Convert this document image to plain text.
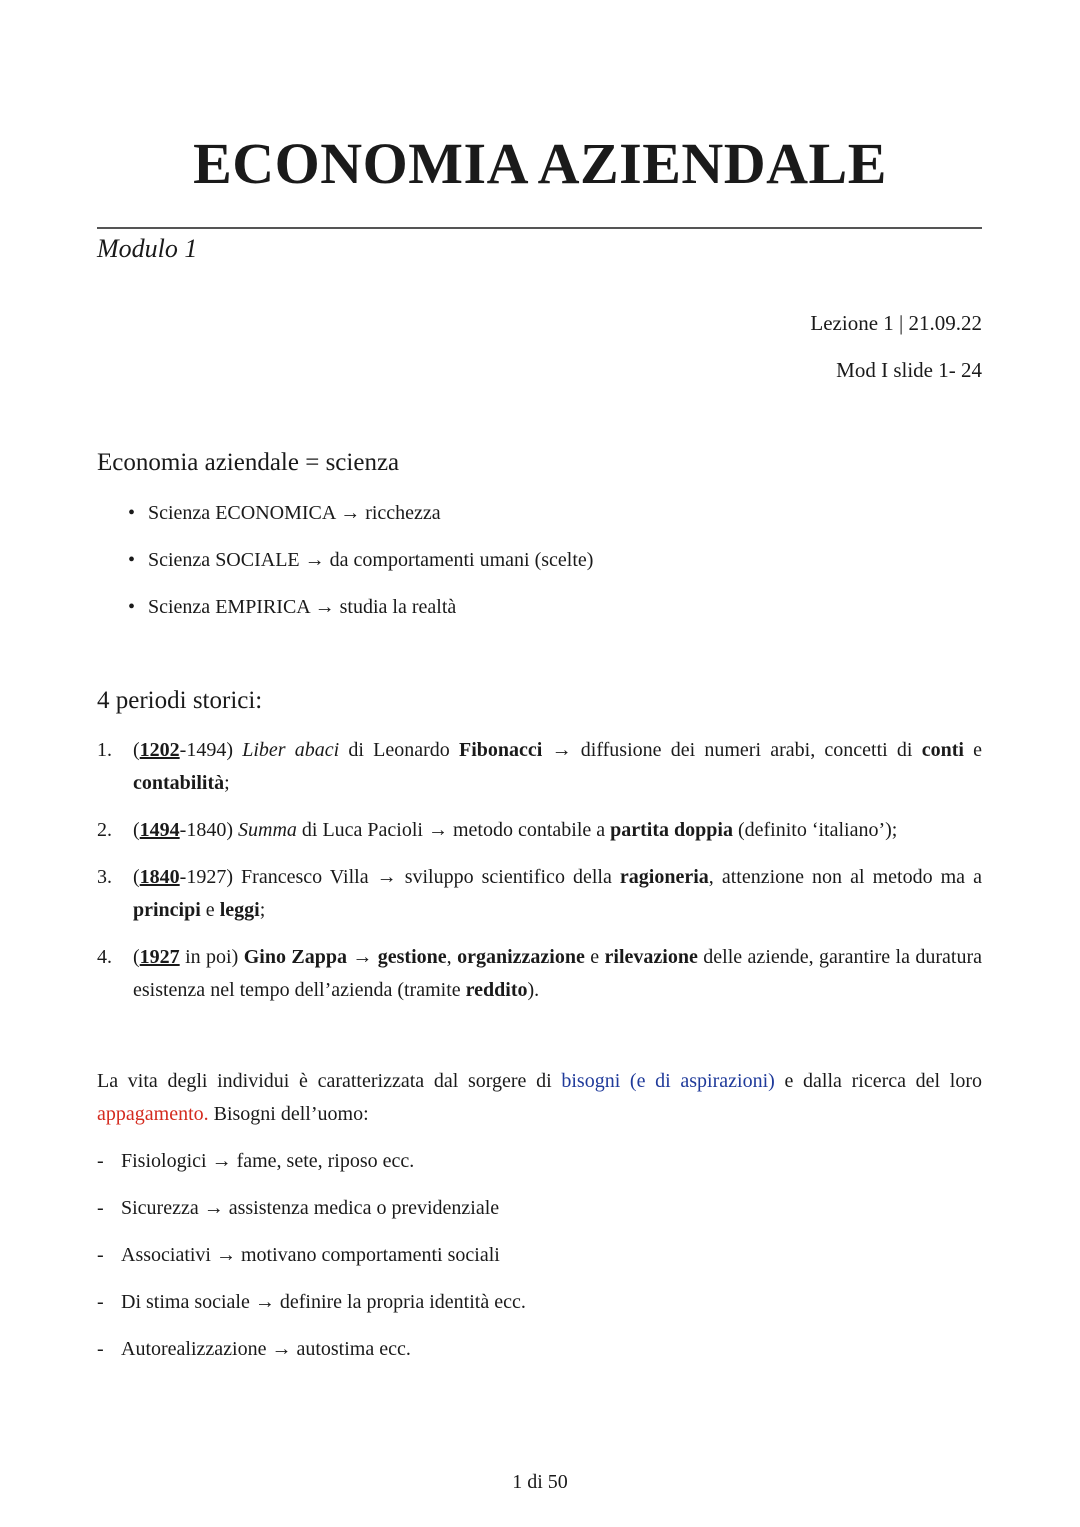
ECONOMIA AZIENDALE
Modulo 1
Lezione 1 | 21.09.22
Mod I slide 1- 24
Economia aziendale = scienza
• Scienza ECONOMICA → ricchezza
• Scienza SOCIALE → da comportamenti umani (scelte)
• Scienza EMPIRICA → studia la realtà
4 periodi storici:
1. (1202-1494) Liber abaci di Leonardo Fibonacci → diffusione dei numeri arabi, concetti di conti e contabilità;
2. (1494-1840) Summa di Luca Pacioli → metodo contabile a partita doppia (definito ‘italiano’);
3. (1840-1927) Francesco Villa → sviluppo scientifico della ragioneria, attenzione non al metodo ma a principi e leggi;
4. (1927 in poi) Gino Zappa → gestione, organizzazione e rilevazione delle aziende, garantire la duratura esistenza nel tempo dell’azienda (tramite reddito).

La vita degli individui è caratterizzata dal sorgere di bisogni (e di aspirazioni) e dalla ricerca del loro appagamento. Bisogni dell’uomo:

- Fisiologici → fame, sete, riposo ecc.
- Sicurezza → assistenza medica o previdenziale
- Associativi → motivano comportamenti sociali
- Di stima sociale → definire la propria identità ecc.
- Autorealizzazione → autostima ecc.
1 di 50
